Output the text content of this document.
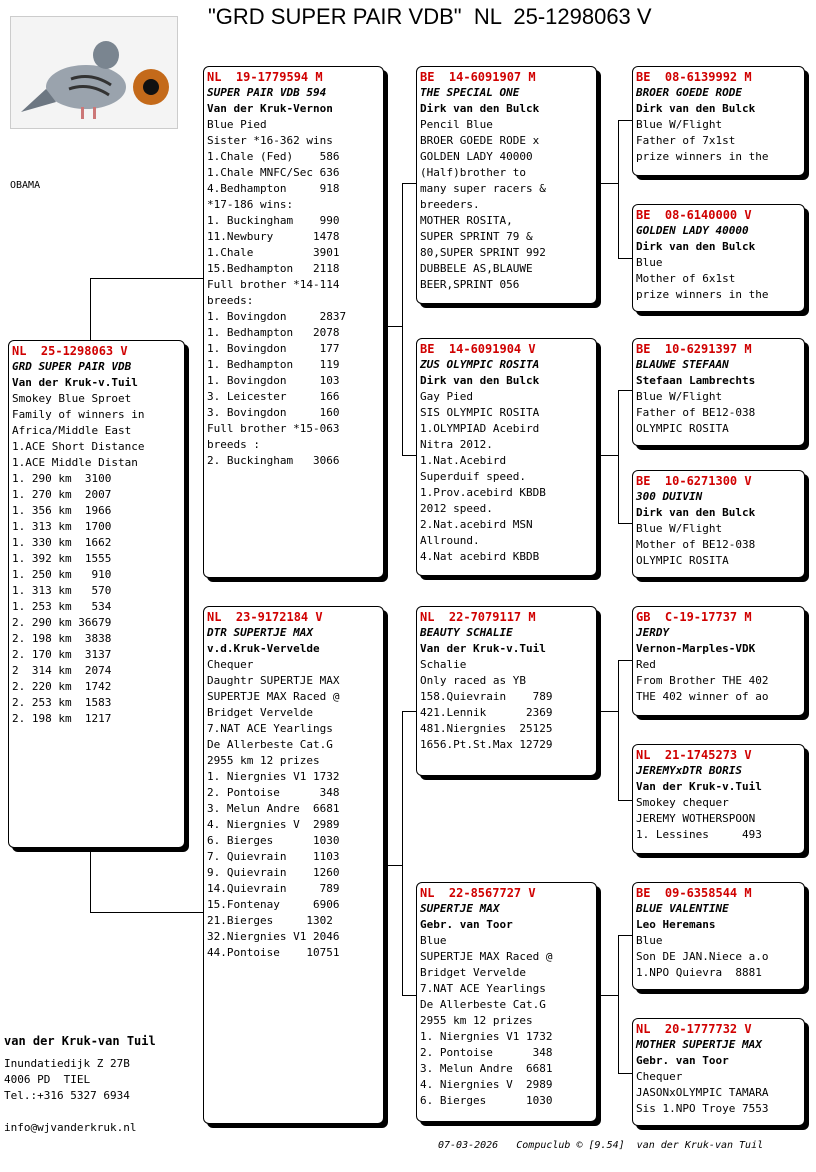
"GRD SUPER PAIR VDB"  NL  25-1298063 V
OBAMA
NL  25-1298063 V
GRD SUPER PAIR VDB
Van der Kruk-v.Tuil
Smokey Blue Sproet
Family of winners in
Africa/Middle East
1.ACE Short Distance
1.ACE Middle Distan
1. 290 km  3100
1. 270 km  2007
1. 356 km  1966
1. 313 km  1700
1. 330 km  1662
1. 392 km  1555
1. 250 km   910
1. 313 km   570
1. 253 km   534
2. 290 km 36679
2. 198 km  3838
2. 170 km  3137
2  314 km  2074
2. 220 km  1742
2. 253 km  1583
2. 198 km  1217
NL  19-1779594 M
SUPER PAIR VDB 594
Van der Kruk-Vernon
Blue Pied
Sister *16-362 wins
1.Chale (Fed)    586
1.Chale MNFC/Sec 636
4.Bedhampton     918
*17-186 wins:
1. Buckingham    990
11.Newbury      1478
1.Chale         3901
15.Bedhampton   2118
Full brother *14-114
breeds:
1. Bovingdon     2837
1. Bedhampton   2078
1. Bovingdon     177
1. Bedhampton    119
1. Bovingdon     103
3. Leicester     166
3. Bovingdon     160
Full brother *15-063
breeds :
2. Buckingham   3066
NL  23-9172184 V
DTR SUPERTJE MAX
v.d.Kruk-Vervelde
Chequer
Daughtr SUPERTJE MAX
SUPERTJE MAX Raced @
Bridget Vervelde
7.NAT ACE Yearlings
De Allerbeste Cat.G
2955 km 12 prizes
1. Niergnies V1 1732
2. Pontoise      348
3. Melun Andre  6681
4. Niergnies V  2989
6. Bierges      1030
7. Quievrain    1103
9. Quievrain    1260
14.Quievrain     789
15.Fontenay     6906
21.Bierges     1302
32.Niergnies V1 2046
44.Pontoise    10751
BE  14-6091907 M
THE SPECIAL ONE
Dirk van den Bulck
Pencil Blue
BROER GOEDE RODE x
GOLDEN LADY 40000
(Half)brother to
many super racers &
breeders.
MOTHER ROSITA,
SUPER SPRINT 79 &
80,SUPER SPRINT 992
DUBBELE AS,BLAUWE
BEER,SPRINT 056
BE  14-6091904 V
ZUS OLYMPIC ROSITA
Dirk van den Bulck
Gay Pied
SIS OLYMPIC ROSITA
1.OLYMPIAD Acebird
Nitra 2012.
1.Nat.Acebird
Superduif speed.
1.Prov.acebird KBDB
2012 speed.
2.Nat.acebird MSN
Allround.
4.Nat acebird KBDB
NL  22-7079117 M
BEAUTY SCHALIE
Van der Kruk-v.Tuil
Schalie
Only raced as YB
158.Quievrain    789
421.Lennik      2369
481.Niergnies  25125
1656.Pt.St.Max 12729
NL  22-8567727 V
SUPERTJE MAX
Gebr. van Toor
Blue
SUPERTJE MAX Raced @
Bridget Vervelde
7.NAT ACE Yearlings
De Allerbeste Cat.G
2955 km 12 prizes
1. Niergnies V1 1732
2. Pontoise      348
3. Melun Andre  6681
4. Niergnies V  2989
6. Bierges      1030
BE  08-6139992 M
BROER GOEDE RODE
Dirk van den Bulck
Blue W/Flight
Father of 7x1st
prize winners in the
BE  08-6140000 V
GOLDEN LADY 40000
Dirk van den Bulck
Blue
Mother of 6x1st
prize winners in the
BE  10-6291397 M
BLAUWE STEFAAN
Stefaan Lambrechts
Blue W/Flight
Father of BE12-038
OLYMPIC ROSITA
BE  10-6271300 V
300 DUIVIN
Dirk van den Bulck
Blue W/Flight
Mother of BE12-038
OLYMPIC ROSITA
GB  C-19-17737 M
JERDY
Vernon-Marples-VDK
Red
From Brother THE 402
THE 402 winner of ao
NL  21-1745273 V
JEREMYxDTR BORIS
Van der Kruk-v.Tuil
Smokey chequer
JEREMY WOTHERSPOON
1. Lessines     493
BE  09-6358544 M
BLUE VALENTINE
Leo Heremans
Blue
Son DE JAN.Niece a.o
1.NPO Quievra  8881
NL  20-1777732 V
MOTHER SUPERTJE MAX
Gebr. van Toor
Chequer
JASONxOLYMPIC TAMARA
Sis 1.NPO Troye 7553
van der Kruk-van Tuil
Inundatiedijk Z 27B
4006 PD  TIEL
Tel.:+316 5327 6934
info@wjvanderkruk.nl
07-03-2026   Compuclub © [9.54]  van der Kruk-van Tuil
